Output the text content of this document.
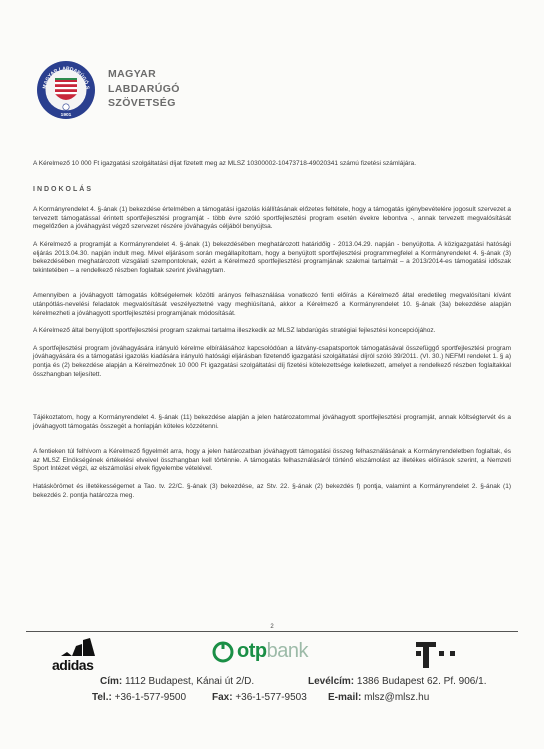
MAGYAR LABDARÚGÓ S
1901
MAGYAR
LABDARÚGÓ
SZÖVETSÉG

A Kérelmező 10 000 Ft igazgatási szolgáltatási díjat fizetett meg az MLSZ 10300002-10473718-49020341 számú fizetési számlájára.

INDOKOLÁS

A Kormányrendelet 4. §-ának (1) bekezdése értelmében a támogatási igazolás kiállításának előzetes feltétele, hogy a támogatás igénybevételére jogosult szervezet a tervezett támogatással érintett sportfejlesztési programját - több évre szóló sportfejlesztési program esetén évekre lebontva -, annak tervezett megvalósítását megelőzően a jóváhagyást végző szervezet részére jóváhagyás céljából benyújtsa.

A Kérelmező a programját a Kormányrendelet 4. §-ának (1) bekezdésében meghatározott határidőig - 2013.04.29. napján - benyújtotta. A közigazgatási hatósági eljárás 2013.04.30. napján indult meg. Mivel eljárásom során megállapítottam, hogy a benyújtott sportfejlesztési programmegfelel a Kormányrendelet 4. §-ának (3) bekezdésében meghatározott vizsgálati szempontoknak, ezért a Kérelmező sportfejlesztési programjának szakmai tartalmát – a 2013/2014-es támogatási időszak tekintetében – a rendelkező részben foglaltak szerint jóváhagytam.

Amennyiben a jóváhagyott támogatás költségelemek közötti arányos felhasználása vonatkozó fenti előírás a Kérelmező által eredetileg megvalósítani kívánt utánpótlás-nevelési feladatok megvalósítását veszélyeztetné vagy meghiúsítaná, akkor a Kérelmező a Kormányrendelet 10. §-ának (3a) bekezdése alapján kérelmezheti a jóváhagyott sportfejlesztési programjának módosítását.

A Kérelmező által benyújtott sportfejlesztési program szakmai tartalma illeszkedik az MLSZ labdarúgás stratégiai fejlesztési koncepciójához.

A sportfejlesztési program jóváhagyására irányuló kérelme elbírálásához kapcsolódóan a látvány-csapatsportok támogatásával összefüggő sportfejlesztési program jóváhagyására és a támogatási igazolás kiadására irányuló hatósági eljárásban fizetendő igazgatási szolgáltatási díjról szóló 39/2011. (VI. 30.) NEFMI rendelet 1. § a) pontja és (2) bekezdése alapján a Kérelmezőnek 10 000 Ft igazgatási szolgáltatási díj fizetési kötelezettsége keletkezett, amelyet a rendelkező részben foglaltakkal összhangban teljesített.

Tájékoztatom, hogy a Kormányrendelet 4. §-ának (11) bekezdése alapján a jelen határozatommal jóváhagyott sportfejlesztési programját, annak költségtervét és a jóváhagyott támogatás összegét a honlapján köteles közzétenni.

A fentieken túl felhívom a Kérelmező figyelmét arra, hogy a jelen határozatban jóváhagyott támogatási összeg felhasználásának a Kormányrendeletben foglaltak, és az MLSZ Elnökségének értékelési elveivel összhangban kell történnie. A támogatás felhasználásáról történő elszámolást az illetékes előírások szerint, a Nemzeti Sport Intézet végzi, az elszámolási elvek figyelembe vételével.

Hatáskörömet és illetékességemet a Tao. tv. 22/C. §-ának (3) bekezdése, az Stv. 22. §-ának (2) bekezdés f) pontja, valamint a Kormányrendelet 2. §-ának (1) bekezdés 2. pontja határozza meg.

2
adidas
otp bank
Cím: 1112 Budapest, Kánai út 2/D.	Levélcím: 1386 Budapest 62. Pf. 906/1.
Tel.: +36-1-577-9500	Fax: +36-1-577-9503 E-mail: mlsz@mlsz.hu
